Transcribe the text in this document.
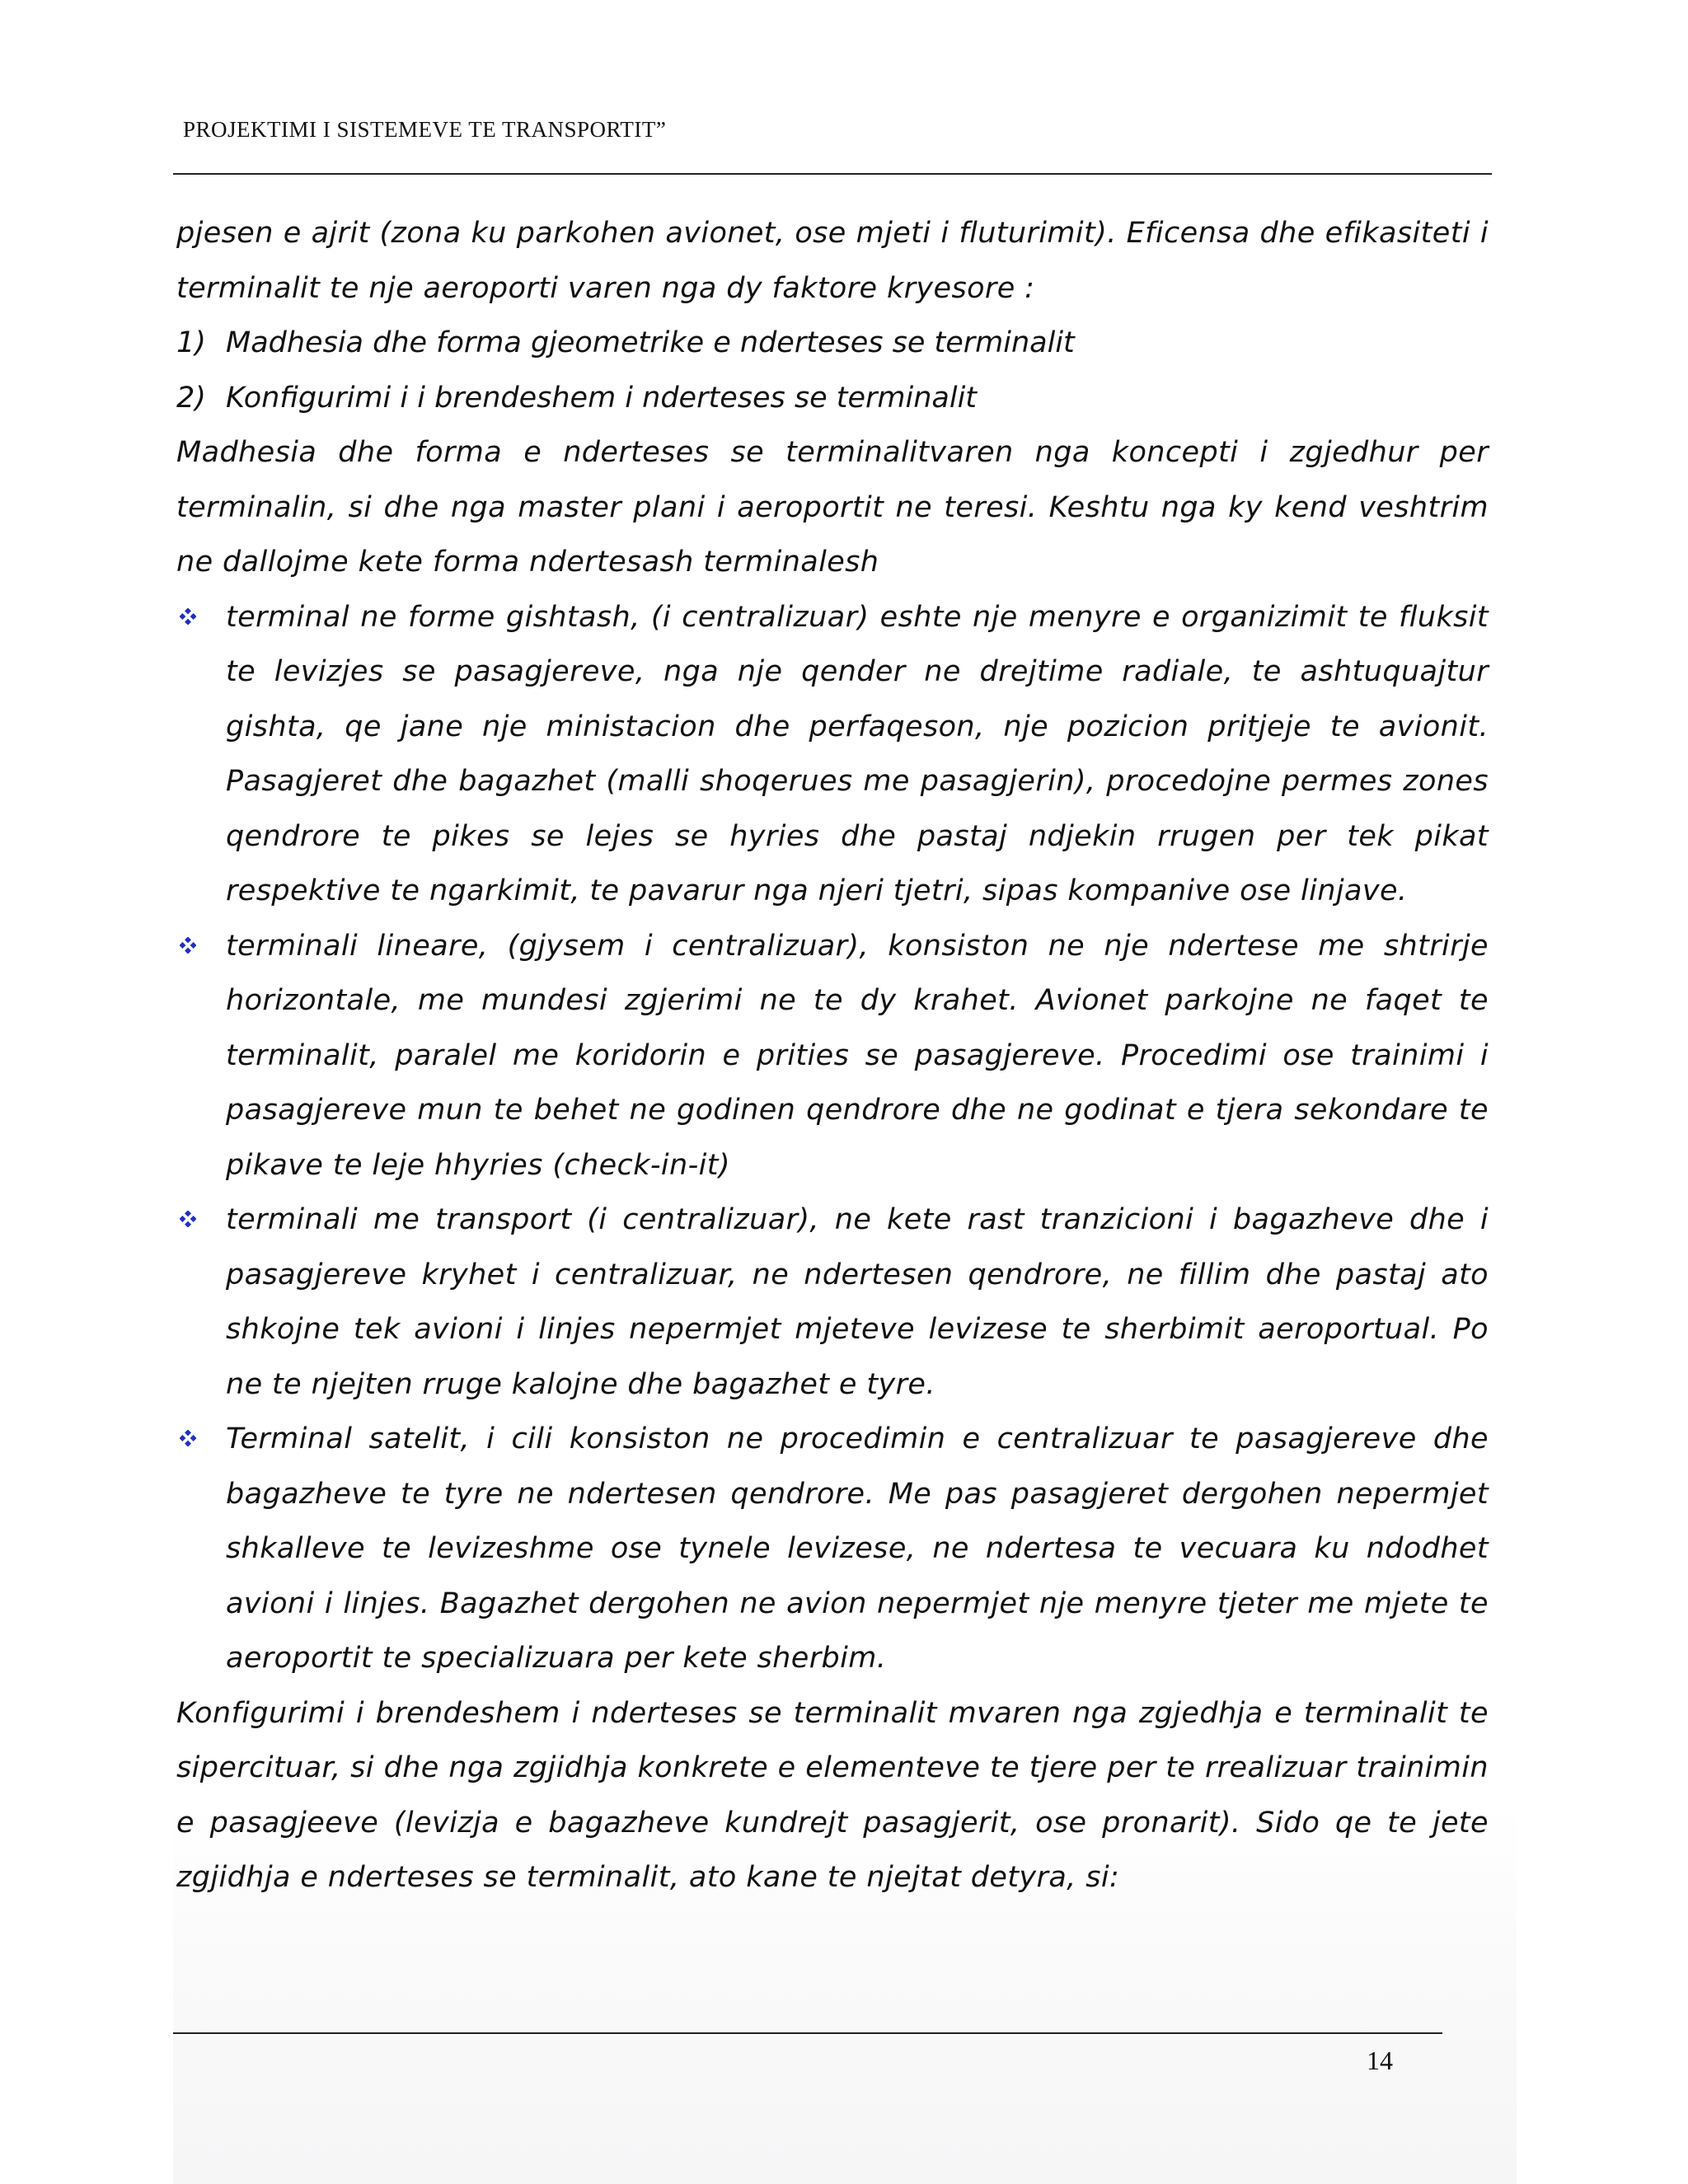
PROJEKTIMI I SISTEMEVE TE TRANSPORTIT”

pjesen e ajrit (zona ku parkohen avionet, ose mjeti i fluturimit). Eficensa dhe efikasiteti i terminalit te nje aeroporti varen nga dy faktore kryesore :

1) Madhesia dhe forma gjeometrike e nderteses se terminalit
2) Konfigurimi i i brendeshem i nderteses se terminalit

Madhesia dhe forma e nderteses se terminalitvaren nga koncepti i zgjedhur per terminalin, si dhe nga master plani i aeroportit ne teresi. Keshtu nga ky kend veshtrim ne dallojme kete forma ndertesash terminalesh

terminal ne forme gishtash, (i centralizuar) eshte nje menyre e organizimit te fluksit te levizjes se pasagjereve, nga nje qender ne drejtime radiale, te ashtuquajtur gishta, qe jane nje ministacion dhe perfaqeson, nje pozicion pritjeje te avionit. Pasagjeret dhe bagazhet (malli shoqerues me pasagjerin), procedojne permes zones qendrore te pikes se lejes se hyries dhe pastaj ndjekin rrugen per tek pikat respektive te ngarkimit, te pavarur nga njeri tjetri, sipas kompanive ose linjave.
terminali lineare, (gjysem i centralizuar), konsiston ne nje ndertese me shtrirje horizontale, me mundesi zgjerimi ne te dy krahet. Avionet parkojne ne faqet te terminalit, paralel me koridorin e prities se pasagjereve. Procedimi ose trainimi i pasagjereve mun te behet ne godinen qendrore dhe ne godinat e tjera sekondare te pikave te leje hhyries (check-in-it)
terminali me transport (i centralizuar), ne kete rast tranzicioni i bagazheve dhe i pasagjereve kryhet i centralizuar, ne ndertesen qendrore, ne fillim dhe pastaj ato shkojne tek avioni i linjes nepermjet mjeteve levizese te sherbimit aeroportual. Po ne te njejten rruge kalojne dhe bagazhet e tyre.
Terminal satelit, i cili konsiston ne procedimin e centralizuar te pasagjereve dhe bagazheve te tyre ne ndertesen qendrore. Me pas pasagjeret dergohen nepermjet shkalleve te levizeshme ose tynele levizese, ne ndertesa te vecuara ku ndodhet avioni i linjes. Bagazhet dergohen ne avion nepermjet nje menyre tjeter me mjete te aeroportit te specializuara per kete sherbim.

Konfigurimi i brendeshem i nderteses se terminalit mvaren nga zgjedhja e terminalit te sipercituar, si dhe nga zgjidhja konkrete e elementeve te tjere per te rrealizuar trainimin e pasagjeeve (levizja e bagazheve kundrejt pasagjerit, ose pronarit). Sido qe te jete zgjidhja e nderteses se terminalit, ato kane te njejtat detyra, si:

14
